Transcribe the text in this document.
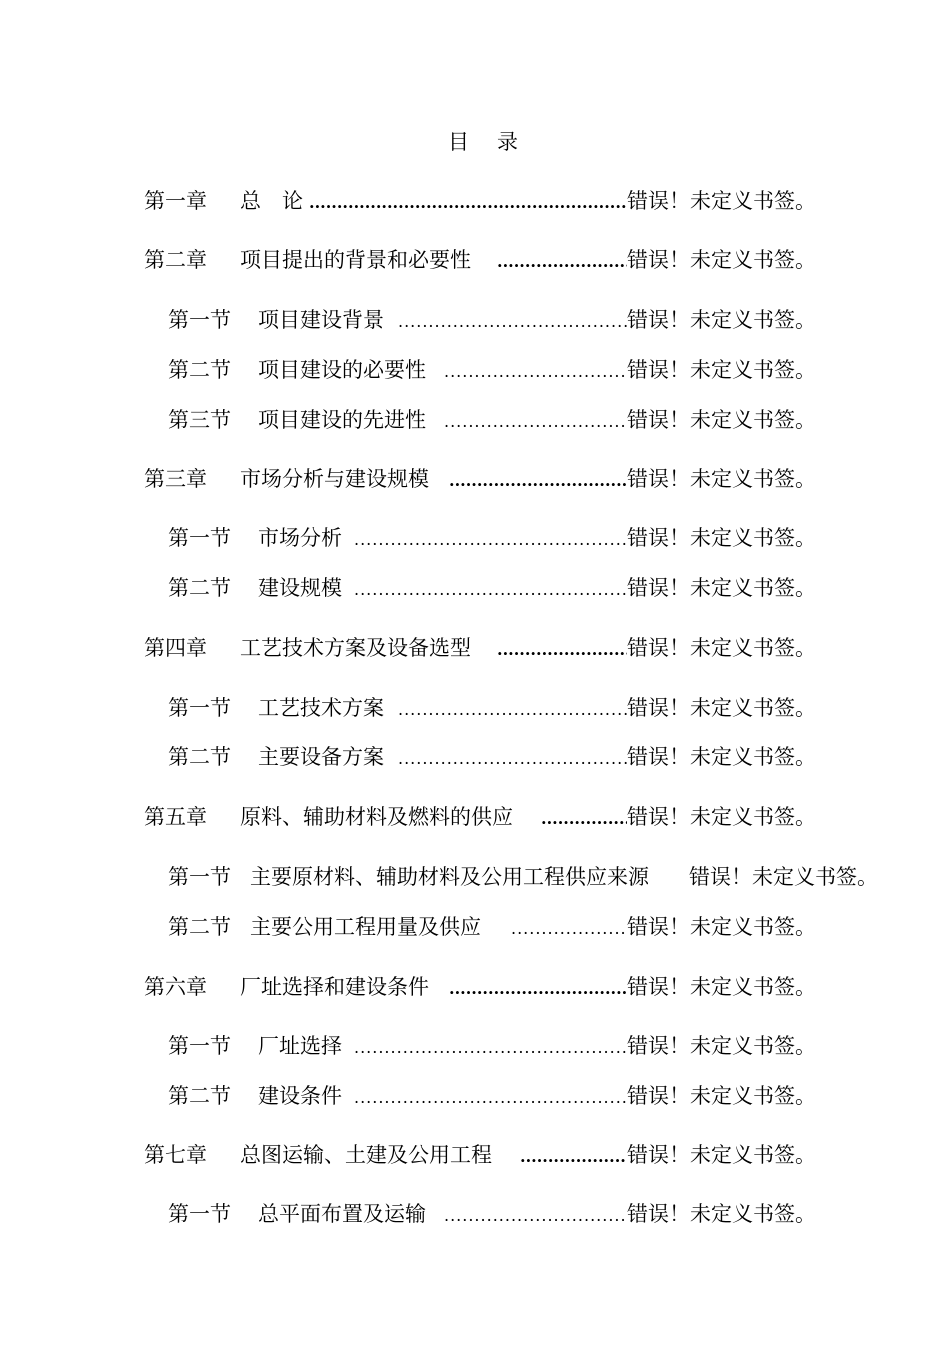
目录
第一章	总　论 .....	错误！未定义书签。
第二章	项目提出的背景和必要性 .....	错误！未定义书签。
第一节	项目建设背景 .....	错误！未定义书签。
第二节	项目建设的必要性 .....	错误！未定义书签。
第三节	项目建设的先进性 .....	错误！未定义书签。
第三章	市场分析与建设规模 .....	错误！未定义书签。
第一节	市场分析 .....	错误！未定义书签。
第二节	建设规模 .....	错误！未定义书签。
第四章	工艺技术方案及设备选型 .....	错误！未定义书签。
第一节	工艺技术方案 .....	错误！未定义书签。
第二节	主要设备方案 .....	错误！未定义书签。
第五章	原料、辅助材料及燃料的供应 .....	错误！未定义书签。
第一节 主要原材料、辅助材料及公用工程供应来源 错误！未定义书签。
第二节 主要公用工程用量及供应 .....	错误！未定义书签。
第六章	厂址选择和建设条件 .....	错误！未定义书签。
第一节	厂址选择 .....	错误！未定义书签。
第二节	建设条件 .....	错误！未定义书签。
第七章	总图运输、土建及公用工程 .....	错误！未定义书签。
第一节	总平面布置及运输 .....	错误！未定义书签。
